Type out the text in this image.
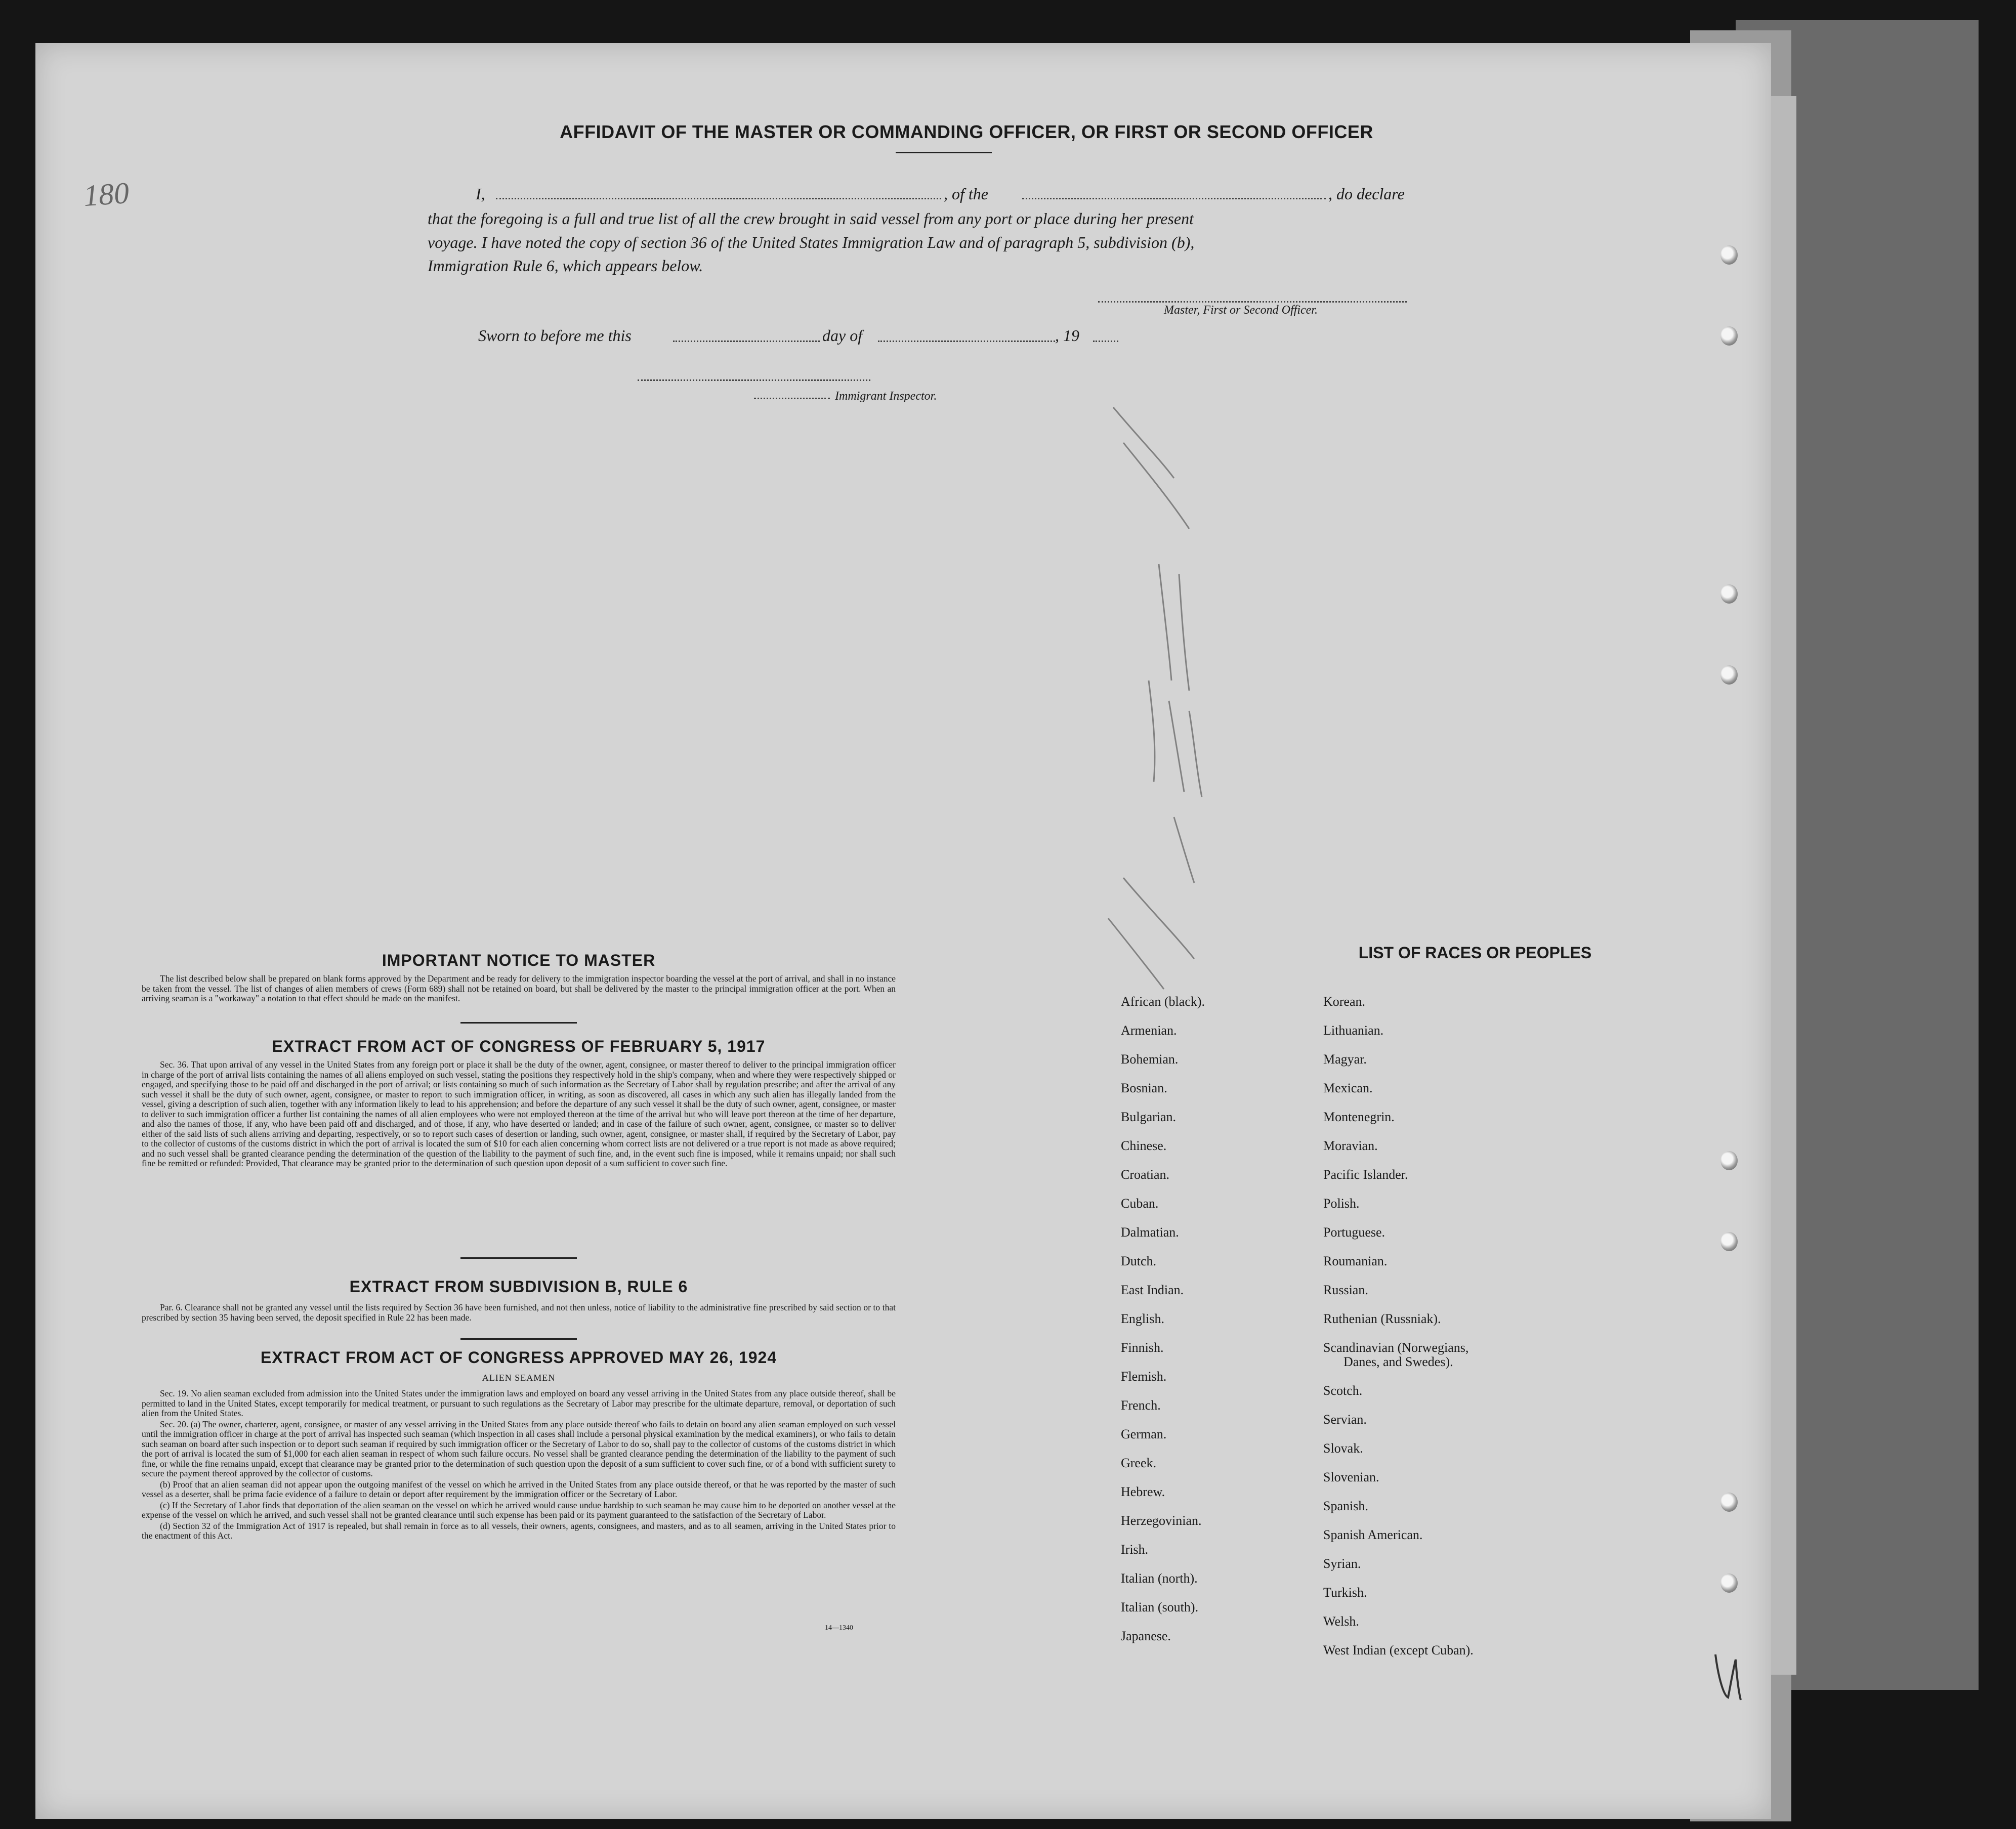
180
AFFIDAVIT OF THE MASTER OR COMMANDING OFFICER, OR FIRST OR SECOND OFFICER
I,	, of the	, do declare

that the foregoing is a full and true list of all the crew brought in said vessel from any port or place during her present

voyage. I have noted the copy of section 36 of the United States Immigration Law and of paragraph 5, subdivision (b),

Immigration Rule 6, which appears below.

Master, First or Second Officer.
Sworn to before me this	day of	, 19
Immigrant Inspector.
IMPORTANT NOTICE TO MASTER

The list described below shall be prepared on blank forms approved by the Department and be ready for delivery to the immigration inspector boarding the vessel at the port of arrival, and shall in no instance be taken from the vessel. The list of changes of alien members of crews (Form 689) shall not be retained on board, but shall be delivered by the master to the principal immigration officer at the port. When an arriving seaman is a "workaway" a notation to that effect should be made on the manifest.

EXTRACT FROM ACT OF CONGRESS OF FEBRUARY 5, 1917

Sec. 36. That upon arrival of any vessel in the United States from any foreign port or place it shall be the duty of the owner, agent, consignee, or master thereof to deliver to the principal immigration officer in charge of the port of arrival lists containing the names of all aliens employed on such vessel, stating the positions they respectively hold in the ship's company, when and where they were respectively shipped or engaged, and specifying those to be paid off and discharged in the port of arrival; or lists containing so much of such information as the Secretary of Labor shall by regulation prescribe; and after the arrival of any such vessel it shall be the duty of such owner, agent, consignee, or master to report to such immigration officer, in writing, as soon as discovered, all cases in which any such alien has illegally landed from the vessel, giving a description of such alien, together with any information likely to lead to his apprehension; and before the departure of any such vessel it shall be the duty of such owner, agent, consignee, or master to deliver to such immigration officer a further list containing the names of all alien employees who were not employed thereon at the time of the arrival but who will leave port thereon at the time of her departure, and also the names of those, if any, who have been paid off and discharged, and of those, if any, who have deserted or landed; and in case of the failure of such owner, agent, consignee, or master so to deliver either of the said lists of such aliens arriving and departing, respectively, or so to report such cases of desertion or landing, such owner, agent, consignee, or master shall, if required by the Secretary of Labor, pay to the collector of customs of the customs district in which the port of arrival is located the sum of $10 for each alien concerning whom correct lists are not delivered or a true report is not made as above required; and no such vessel shall be granted clearance pending the determination of the question of the liability to the payment of such fine, and, in the event such fine is imposed, while it remains unpaid; nor shall such fine be remitted or refunded: Provided, That clearance may be granted prior to the determination of such question upon deposit of a sum sufficient to cover such fine.

EXTRACT FROM SUBDIVISION B, RULE 6

Par. 6. Clearance shall not be granted any vessel until the lists required by Section 36 have been furnished, and not then unless, notice of liability to the administrative fine prescribed by said section or to that prescribed by section 35 having been served, the deposit specified in Rule 22 has been made.

EXTRACT FROM ACT OF CONGRESS APPROVED MAY 26, 1924
ALIEN SEAMEN

Sec. 19. No alien seaman excluded from admission into the United States under the immigration laws and employed on board any vessel arriving in the United States from any place outside thereof, shall be permitted to land in the United States, except temporarily for medical treatment, or pursuant to such regulations as the Secretary of Labor may prescribe for the ultimate departure, removal, or deportation of such alien from the United States.

Sec. 20. (a) The owner, charterer, agent, consignee, or master of any vessel arriving in the United States from any place outside thereof who fails to detain on board any alien seaman employed on such vessel until the immigration officer in charge at the port of arrival has inspected such seaman (which inspection in all cases shall include a personal physical examination by the medical examiners), or who fails to detain such seaman on board after such inspection or to deport such seaman if required by such immigration officer or the Secretary of Labor to do so, shall pay to the collector of customs of the customs district in which the port of arrival is located the sum of $1,000 for each alien seaman in respect of whom such failure occurs. No vessel shall be granted clearance pending the determination of the liability to the payment of such fine, or while the fine remains unpaid, except that clearance may be granted prior to the determination of such question upon the deposit of a sum sufficient to cover such fine, or of a bond with sufficient surety to secure the payment thereof approved by the collector of customs.

(b) Proof that an alien seaman did not appear upon the outgoing manifest of the vessel on which he arrived in the United States from any place outside thereof, or that he was reported by the master of such vessel as a deserter, shall be prima facie evidence of a failure to detain or deport after requirement by the immigration officer or the Secretary of Labor.

(c) If the Secretary of Labor finds that deportation of the alien seaman on the vessel on which he arrived would cause undue hardship to such seaman he may cause him to be deported on another vessel at the expense of the vessel on which he arrived, and such vessel shall not be granted clearance until such expense has been paid or its payment guaranteed to the satisfaction of the Secretary of Labor.

(d) Section 32 of the Immigration Act of 1917 is repealed, but shall remain in force as to all vessels, their owners, agents, consignees, and masters, and as to all seamen, arriving in the United States prior to the enactment of this Act.

14—1340
LIST OF RACES OR PEOPLES
African (black).
Armenian.
Bohemian.
Bosnian.
Bulgarian.
Chinese.
Croatian.
Cuban.
Dalmatian.
Dutch.
East Indian.
English.
Finnish.
Flemish.
French.
German.
Greek.
Hebrew.
Herzegovinian.
Irish.
Italian (north).
Italian (south).
Japanese.
Korean.
Lithuanian.
Magyar.
Mexican.
Montenegrin.
Moravian.
Pacific Islander.
Polish.
Portuguese.
Roumanian.
Russian.
Ruthenian (Russniak).
Scandinavian (Norwegians,
Danes, and Swedes).
Scotch.
Servian.
Slovak.
Slovenian.
Spanish.
Spanish American.
Syrian.
Turkish.
Welsh.
West Indian (except Cuban).
